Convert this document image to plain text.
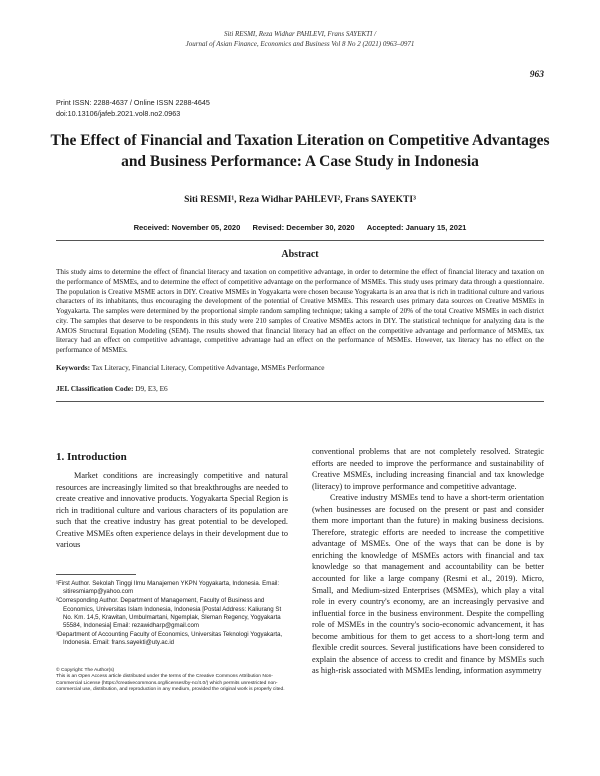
Siti RESMI, Reza Widhar PAHLEVI, Frans SAYEKTI /
Journal of Asian Finance, Economics and Business Vol 8 No 2 (2021) 0963–0971
963
Print ISSN: 2288-4637 / Online ISSN 2288-4645
doi:10.13106/jafeb.2021.vol8.no2.0963
The Effect of Financial and Taxation Literation on Competitive Advantages and Business Performance: A Case Study in Indonesia
Siti RESMI¹, Reza Widhar PAHLEVI², Frans SAYEKTI³
Received: November 05, 2020 Revised: December 30, 2020 Accepted: January 15, 2021
Abstract
This study aims to determine the effect of financial literacy and taxation on competitive advantage, in order to determine the effect of financial literacy and taxation on the performance of MSMEs, and to determine the effect of competitive advantage on the performance of MSMEs. This study uses primary data through a questionnaire. The population is Creative MSME actors in DIY. Creative MSMEs in Yogyakarta were chosen because Yogyakarta is an area that is rich in traditional culture and various characters of its inhabitants, thus encouraging the development of the potential of Creative MSMEs. This research uses primary data sources on Creative MSMEs in Yogyakarta. The samples were determined by the proportional simple random sampling technique; taking a sample of 20% of the total Creative MSMEs in each district city. The samples that deserve to be respondents in this study were 210 samples of Creative MSMEs actors in DIY. The statistical technique for analyzing data is the AMOS Structural Equation Modeling (SEM). The results showed that financial literacy had an effect on the competitive advantage and performance of MSMEs, tax literacy had an effect on competitive advantage, competitive advantage had an effect on the performance of MSMEs. However, tax literacy has no effect on the performance of MSMEs.
Keywords: Tax Literacy, Financial Literacy, Competitive Advantage, MSMEs Performance
JEL Classification Code: D9, E3, E6
1. Introduction

Market conditions are increasingly competitive and natural resources are increasingly limited so that breakthroughs are needed to create creative and innovative products. Yogyakarta Special Region is rich in traditional culture and various characters of its population are such that the creative industry has great potential to be developed. Creative MSMEs often experience delays in their development due to various

conventional problems that are not completely resolved. Strategic efforts are needed to improve the performance and sustainability of Creative MSMEs, including increasing financial and tax knowledge (literacy) to improve performance and competitive advantage.

Creative industry MSMEs tend to have a short-term orientation (when businesses are focused on the present or past and consider them more important than the future) in making business decisions. Therefore, strategic efforts are needed to increase the competitive advantage of MSMEs. One of the ways that can be done is by enriching the knowledge of MSMEs actors with financial and tax knowledge so that management and accountability can be better accounted for like a large company (Resmi et al., 2019). Micro, Small, and Medium-sized Enterprises (MSMEs), which play a vital role in every country's economy, are an increasingly pervasive and influential force in the business environment. Despite the compelling role of MSMEs in the country's socio-economic advancement, it has become ambitious for them to get access to a short-long term and flexible credit sources. Several justifications have been considered to explain the absence of access to credit and finance by MSMEs such as high-risk associated with MSMEs lending, information asymmetry

¹First Author. Sekolah Tinggi Ilmu Manajemen YKPN Yogyakarta, Indonesia. Email: sitiresmiamp@yahoo.com

²Corresponding Author. Department of Management, Faculty of Business and Economics, Universitas Islam Indonesia, Indonesia [Postal Address: Kaliurang St No. Km. 14,5, Krawitan, Umbulmartani, Ngemplak, Sleman Regency, Yogyakarta 55584, Indonesia] Email: rezawidharp@gmail.com

³Department of Accounting Faculty of Economics, Universitas Teknologi Yogyakarta, Indonesia. Email: frans.sayekti@uty.ac.id

© Copyright: The Author(s)

This is an Open Access article distributed under the terms of the Creative Commons Attribution Non-Commercial License (https://creativecommons.org/licenses/by-nc/4.0/) which permits unrestricted non-commercial use, distribution, and reproduction in any medium, provided the original work is properly cited.
